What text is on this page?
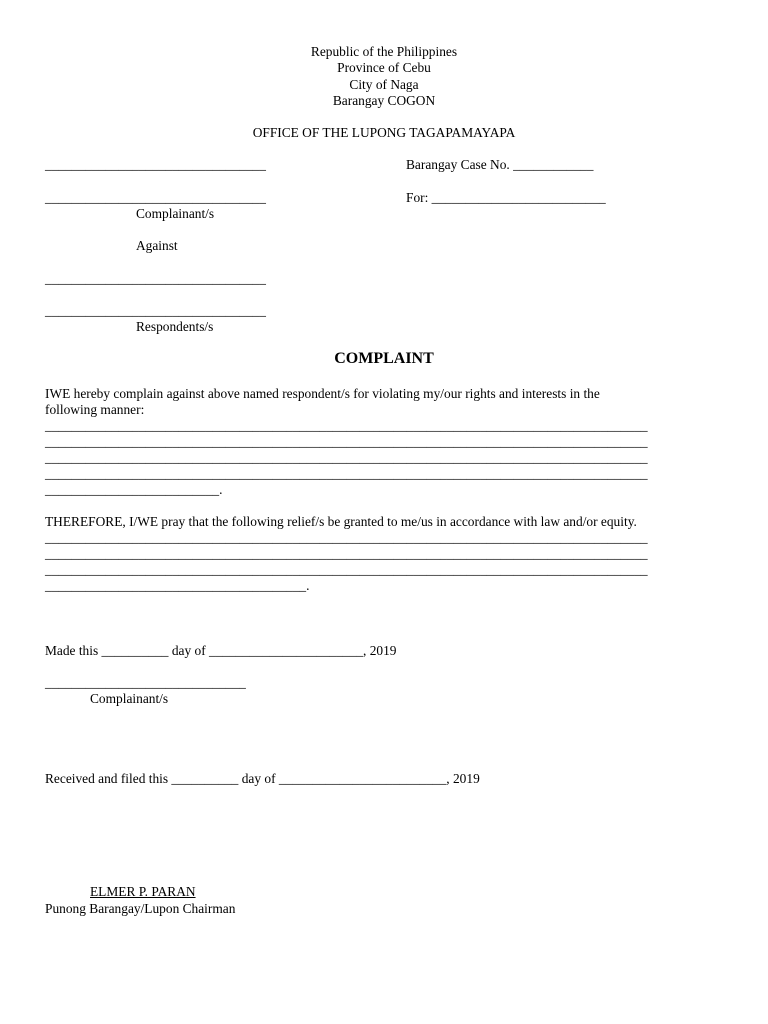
Republic of the Philippines
Province of Cebu
City of Naga
Barangay COGON
OFFICE OF THE LUPONG TAGAPAMAYAPA
_________________________________	Barangay Case No. ____________
_________________________________	For: __________________________
Complainant/s
Against
_________________________________
_________________________________
Respondents/s
COMPLAINT
IWE hereby complain against above named respondent/s for violating my/our rights and interests in the
following manner:
__________________________________________________________________________________________
__________________________________________________________________________________________
__________________________________________________________________________________________
__________________________________________________________________________________________
__________________________.
THEREFORE, I/WE pray that the following relief/s be granted to me/us in accordance with law and/or equity.
__________________________________________________________________________________________
__________________________________________________________________________________________
__________________________________________________________________________________________
_______________________________________.
Made this __________ day of _______________________, 2019
______________________________
Complainant/s
Received and filed this __________ day of _________________________, 2019
ELMER P. PARAN
Punong Barangay/Lupon Chairman
